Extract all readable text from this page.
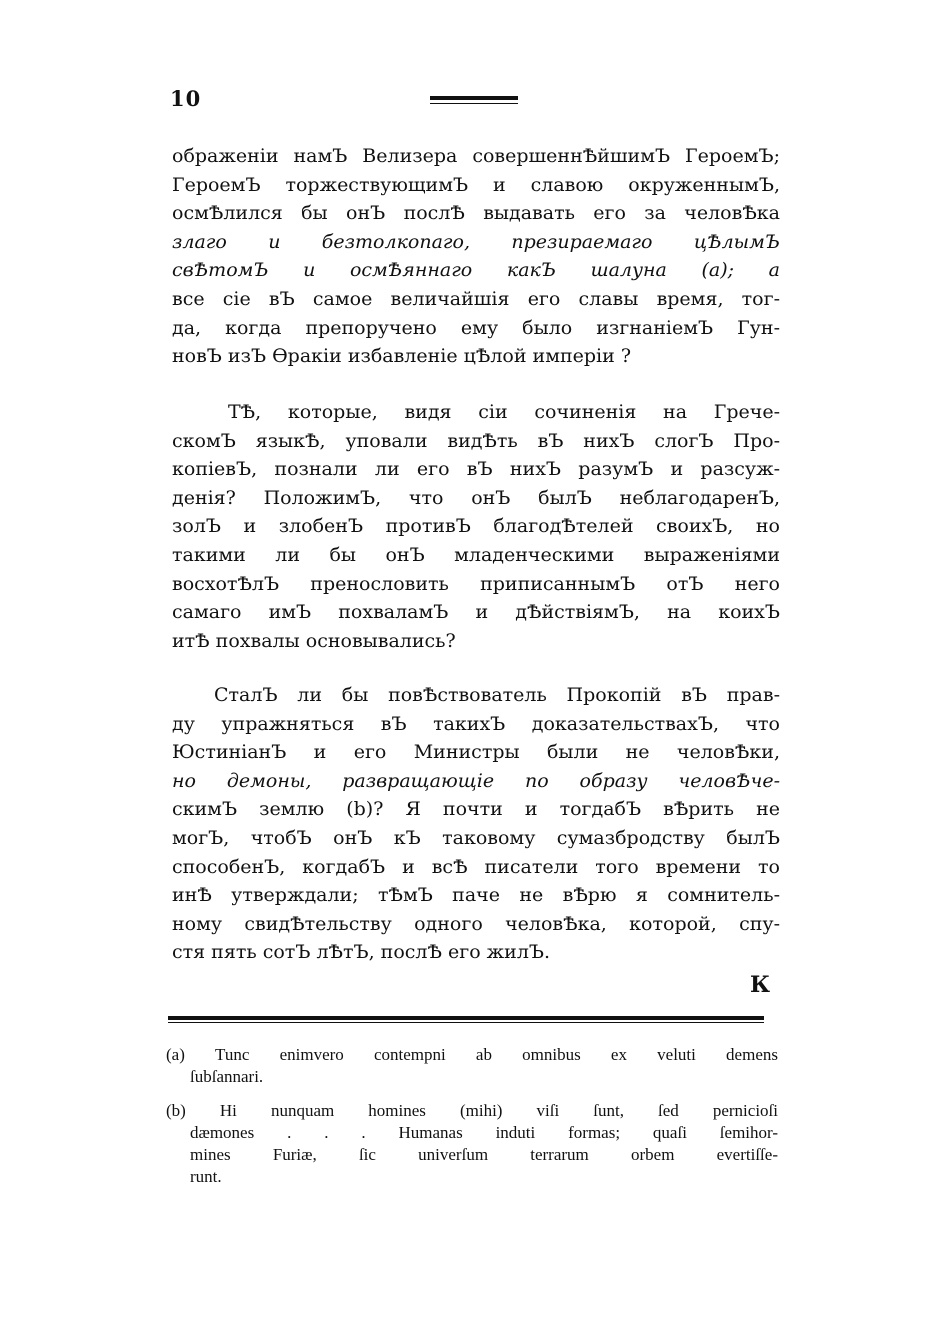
10
ображеніи намЪ Велизера совершеннѢйшимЪ ГероемЪ;
ГероемЪ торжествующимЪ и славою окруженнымЪ,
осмѢлился бы онЪ послѢ выдавать его за человѢка
злаго и безтолкопаго, презираемаго цѢлымЪ
свѢтомЪ и осмѢяннаго какЪ шалуна (а); а
все сіе вЪ самое величайшія его славы время, тог-
да, когда препоручено ему было изгнаніемЪ Гун-
новЪ изЪ Ѳракіи избавленіе цѢлой имперіи ?
ТѢ, которые, видя сіи сочиненія на Грече-
скомЪ языкѢ, уповали видѢть вЪ нихЪ слогЪ Про-
копіевЪ, познали ли егo вЪ нихЪ разумЪ и разсуж-
денія? ПоложимЪ, что онЪ былЪ неблагодаренЪ,
золЪ и злобенЪ противЪ благодѢтелей своихЪ, но
такими ли бы онЪ младенческими выраженіями
восхотѢлЪ пренословить приписаннымЪ отЪ него
самаго имЪ похваламЪ и дѢйствіямЪ, на коихЪ
итѢ похвалы основывались?
СталЪ ли бы повѢствователь Прокопій вЪ прав-
ду упражняться вЪ такихЪ доказательствахЪ, что
ЮстиніанЪ и его Министры были не человѢки,
но демоны, развращающіе по образу человѢче-
скимЪ землю (b)? Я почти и тогдабЪ вѢрить не
могЪ, чтобЪ онЪ кЪ таковому сумазбродству былЪ
способенЪ, когдабЪ и всѢ писатели того времени то
инѢ утверждали; тѢмЪ паче не вѢрю я сомнитель-
ному свидѢтельству одного человѢка, которой, спу-
стя пять сотЪ лѢтЪ, послѢ его жилЪ.
К
(а) Tunc enimvero contempni ab omnibus ex veluti demens
ſubſannari.
(b) Hi nunquam homines (mihi) viſi ſunt, ſed pernicioſi
dæmones . . . Humanas induti formas; quaſi ſemihor-
mines Furiæ, ſic univerſum terrarum orbem evertiſſe-
runt.
